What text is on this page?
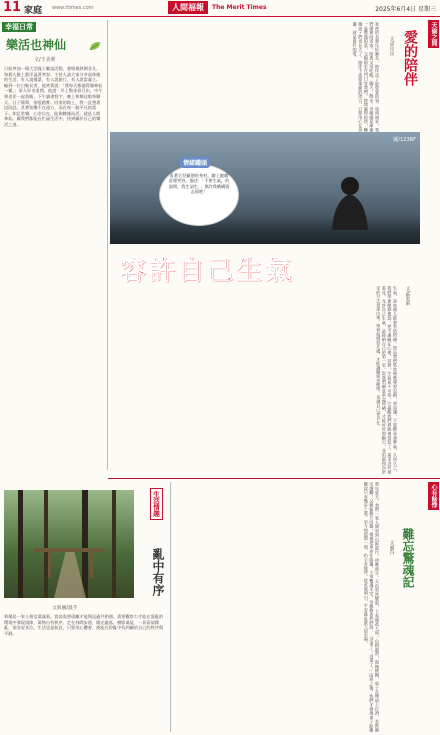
11 家庭 www.ttimes.com	人間福報	The Merit Times	2025年6月4日 星期三
幸福日常
樂活也神仙
文/王美莉
日前參加一場大型義工聯誼活動，會場裡熱鬧非凡，每個人臉上都洋溢著笑容。主持人請大家分享退休後的生活，有人說種菜，有人說旅行，有人說當義工。輪到一位白髮長者，他笑著說：「我每天都過得像神仙一樣。」眾人好奇追問，他說：早上散步看日出，中午和老伴一起煮飯，下午讀書寫字，晚上和鄰居喝茶聊天。日子簡單，卻很踏實。回家的路上，我一直想著這段話。其實快樂不在遠方，而在每一個平凡的當下。知足常樂，心安自在，能夠隨緣而活，就是人間神仙。願我們都能在忙碌生活中，找到屬於自己的樂活之道。
天倫之間
愛的陪伴
文/胡玲玟
家裡的長輩年紀漸長，陪伴成了最重要的事。每到週末，我們總會回老家，陪著父母吃飯、聊天、散步。母親總是準備一桌豐盛的菜，父親則坐在門口等我們。時間過得很快，轉眼孩子們也長大了。陪伴不需要華麗的語言，只要用心在身邊，就是最好的愛。
圖/123RF
情緒罐頭
看著它兒藏偎的身材，隨上她隨意賣笑容，描述：「不要生氣，的面問，我生詞生，」那許我構構情志面吧！
容許自己生氣
文/蘇家嶄
生氣，是每個人都會有的情緒。然而我們常常被教導要忍耐、要退讓，不要輕易發脾氣。久而久之，我們學會壓抑憤怒，把不滿藏在心裡。其實，生氣並不可怕，它提醒我們界線被侵犯了，需求沒有被看見。允許自己生氣，是接納自己的第一步。當我們願意承認情緒，才能好好照顧它，並用溫和而堅定的方式表達出來。學習與憤怒共處，才能讓關係更健康，也讓自己更自在。
心有餘悸
難忘驚魂記
文/劉丹
那年夏天，我們一家人開車到山區旅行。傍晚時分，天色突然變暗，下起傾盆大雨。山路濕滑，視線模糊，車子在彎道上打滑，差點衝出護欄。父親緊握方向盤，慢慢把車停在路邊。大家驚魂未定，母親抱著我們說：「沒事了，沒事了。」雨停之後，我們才發現車子距離懸崖只有幾步之遙。至今想起那一刻，仍心有餘悸。從此我明白，平安就是最大的幸福。
生活情趣
亂中有序
文與圖/溫芋
和鄰居一家人相信漢義菊。賞鳥需要遠離才能與昆蟲共相遇。需要觀察力才能在混亂的環境中發現規律，萬物自有秩序。走在林間步道，陽光灑落，樹影婆娑，一切看似雜亂，卻各安其位。生活也是如此，只要用心體會，便能在紛亂中找到屬於自己的秩序與平靜。
